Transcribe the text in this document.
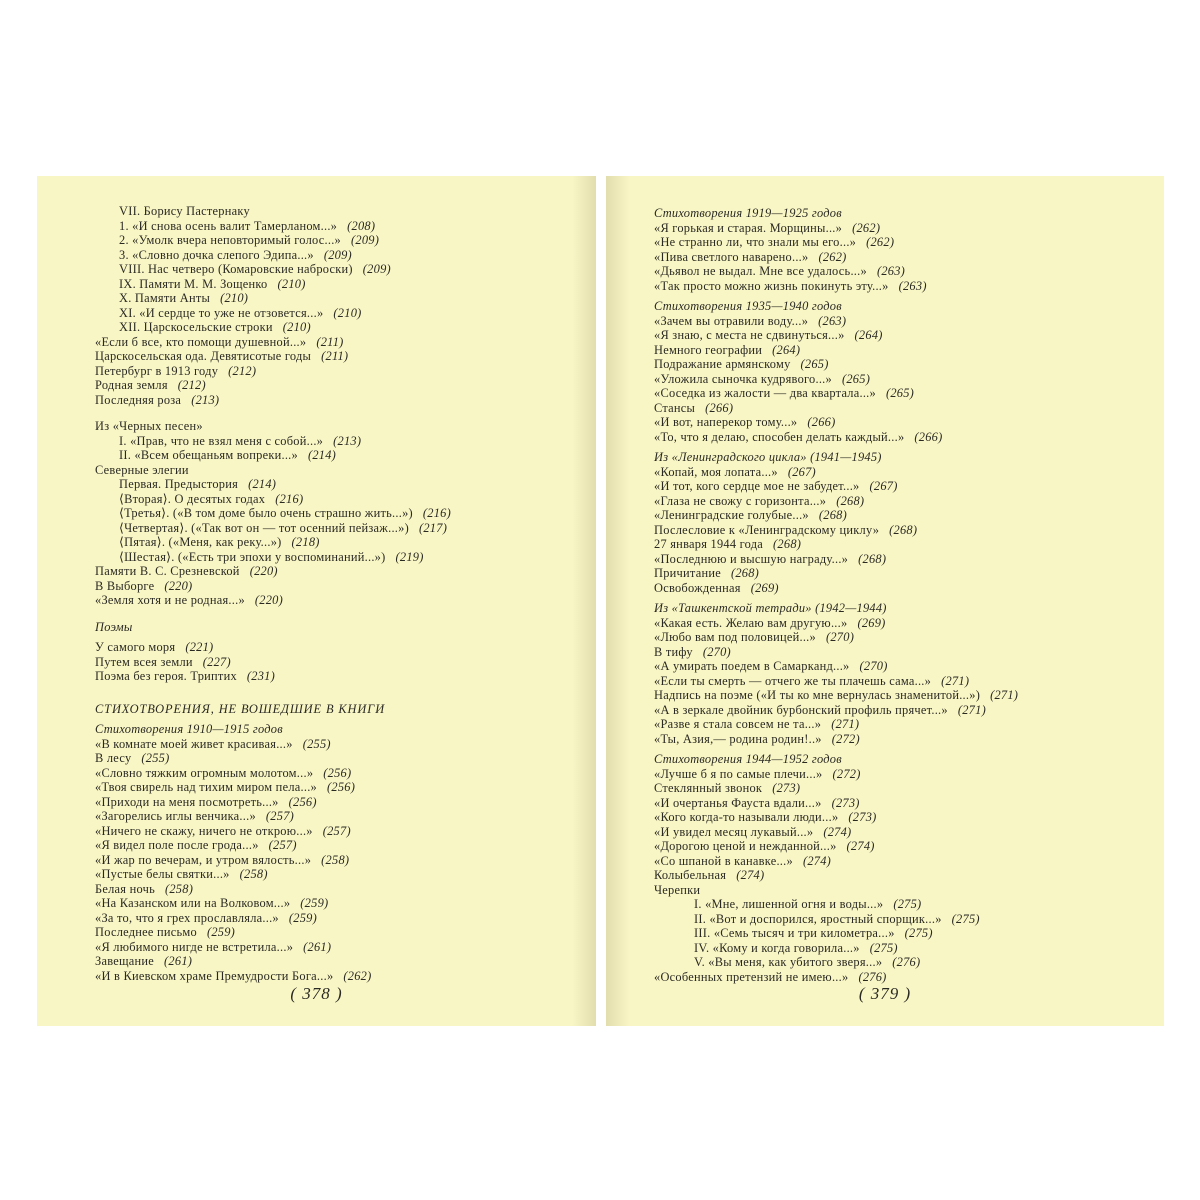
VII. Борису Пастернаку
1. «И снова осень валит Тамерланом...» (208)
2. «Умолк вчера неповторимый голос...» (209)
3. «Словно дочка слепого Эдипа...» (209)
VIII. Нас четверо (Комаровские наброски) (209)
IX. Памяти М. М. Зощенко (210)
X. Памяти Анты (210)
XI. «И сердце то уже не отзовется...» (210)
XII. Царскосельские строки (210)
«Если б все, кто помощи душевной...» (211)
Царскосельская ода. Девятисотые годы (211)
Петербург в 1913 году (212)
Родная земля (212)
Последняя роза (213)
Из «Черных песен»
I. «Прав, что не взял меня с собой...» (213)
II. «Всем обещаньям вопреки...» (214)
Северные элегии
Первая. Предыстория (214)
⟨Вторая⟩. О десятых годах (216)
⟨Третья⟩. («В том доме было очень страшно жить...») (216)
⟨Четвертая⟩. («Так вот он — тот осенний пейзаж...») (217)
⟨Пятая⟩. («Меня, как реку...») (218)
⟨Шестая⟩. («Есть три эпохи у воспоминаний...») (219)
Памяти В. С. Срезневской (220)
В Выборге (220)
«Земля хотя и не родная...» (220)
Поэмы
У самого моря (221)
Путем всея земли (227)
Поэма без героя. Триптих (231)
СТИХОТВОРЕНИЯ, НЕ ВОШЕДШИЕ В КНИГИ
Стихотворения 1910—1915 годов
«В комнате моей живет красивая...» (255)
В лесу (255)
«Словно тяжким огромным молотом...» (256)
«Твоя свирель над тихим миром пела...» (256)
«Приходи на меня посмотреть...» (256)
«Загорелись иглы венчика...» (257)
«Ничего не скажу, ничего не открою...» (257)
«Я видел поле после грода...» (257)
«И жар по вечерам, и утром вялость...» (258)
«Пустые белы святки...» (258)
Белая ночь (258)
«На Казанском или на Волковом...» (259)
«За то, что я грех прославляла...» (259)
Последнее письмо (259)
«Я любимого нигде не встретила...» (261)
Завещание (261)
«И в Киевском храме Премудрости Бога...» (262)
( 378 )
Стихотворения 1919—1925 годов
«Я горькая и старая. Морщины...» (262)
«Не странно ли, что знали мы его...» (262)
«Пива светлого наварено...» (262)
«Дьявол не выдал. Мне все удалось...» (263)
«Так просто можно жизнь покинуть эту...» (263)
Стихотворения 1935—1940 годов
«Зачем вы отравили воду...» (263)
«Я знаю, с места не сдвинуться...» (264)
Немного географии (264)
Подражание армянскому (265)
«Уложила сыночка кудрявого...» (265)
«Соседка из жалости — два квартала...» (265)
Стансы (266)
«И вот, наперекор тому...» (266)
«То, что я делаю, способен делать каждый...» (266)
Из «Ленинградского цикла» (1941—1945)
«Копай, моя лопата...» (267)
«И тот, кого сердце мое не забудет...» (267)
«Глаза не свожу с горизонта...» (268)
«Ленинградские голубые...» (268)
Послесловие к «Ленинградскому циклу» (268)
27 января 1944 года (268)
«Последнюю и высшую награду...» (268)
Причитание (268)
Освобожденная (269)
Из «Ташкентской тетради» (1942—1944)
«Какая есть. Желаю вам другую...» (269)
«Любо вам под половицей...» (270)
В тифу (270)
«А умирать поедем в Самарканд...» (270)
«Если ты смерть — отчего же ты плачешь сама...» (271)
Надпись на поэме («И ты ко мне вернулась знаменитой...») (271)
«А в зеркале двойник бурбонский профиль прячет...» (271)
«Разве я стала совсем не та...» (271)
«Ты, Азия,— родина родин!..» (272)
Стихотворения 1944—1952 годов
«Лучше б я по самые плечи...» (272)
Стеклянный звонок (273)
«И очертанья Фауста вдали...» (273)
«Кого когда-то называли люди...» (273)
«И увидел месяц лукавый...» (274)
«Дорогою ценой и нежданной...» (274)
«Со шпаной в канавке...» (274)
Колыбельная (274)
Черепки
I. «Мне, лишенной огня и воды...» (275)
II. «Вот и доспорился, яростный спорщик...» (275)
III. «Семь тысяч и три километра...» (275)
IV. «Кому и когда говорила...» (275)
V. «Вы меня, как убитого зверя...» (276)
«Особенных претензий не имею...» (276)
( 379 )
